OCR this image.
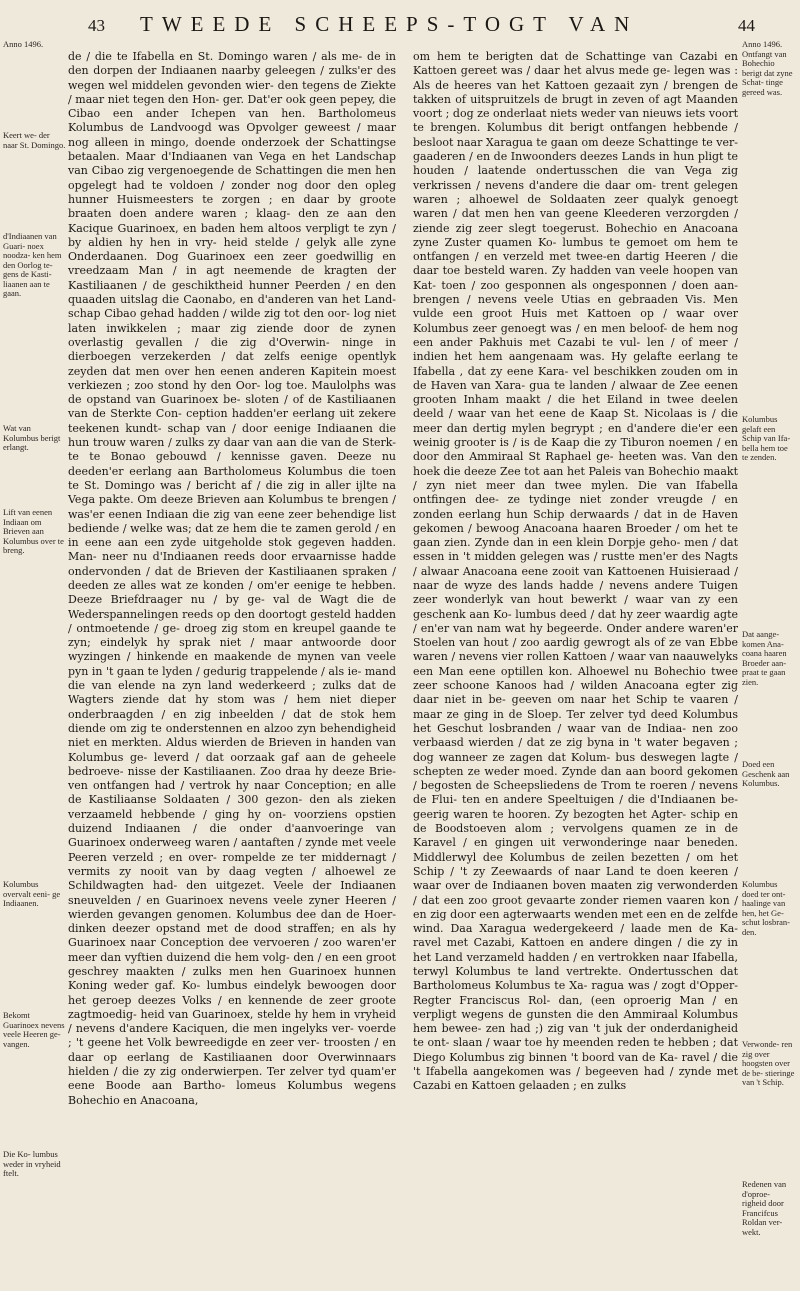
43 TWEEDE SCHEEPS-TOGT VAN	44
Anno 1496.
Keert we- der naar St. Domingo.
d'Indiaanen van Guari- noex noodza- ken hem den Oorlog te- gens de Kasti- liaanen aan te gaan.
Wat van Kolumbus berigt erlangt.
Lift van eenen Indiaan om Brieven aan Kolumbus over te breng.
Kolumbus overvalt eeni- ge Indiaanen.
Bekomt Guarinoex nevens veele Heeren ge- vangen.
Die Ko- lumbus weder in vryheid ftelt.
Anno 1496. Ontfangt van Bohechio berigt dat zyne Schat- tinge gereed was.
Kolumbus gelaft een Schip van Ifa- bella hem toe te zenden.
Dat aange- komen Ana- coana haaren Broeder aan- praat te gaan zien.
Doed een Geschenk aan Kolumbus.
Kolumbus doed ter ont- haalinge van hen, het Ge- schut losbran- den.
Verwonde- ren zig over hoogsten over de be- stieringe van 't Schip.
Redenen van d'oproe- righeid door Francifcus Roldan ver- wekt.

de / die te Ifabella en St. Domingo waren / als me- de in den dorpen der Indiaanen naarby geleegen / zulks'er des wegen wel middelen gevonden wier- den tegens de Ziekte / maar niet tegen den Hon- ger. Dat'er ook geen pepey, die Cibao een ander Ichepen van hen. Bartholomeus Kolumbus de Landvoogd was Opvolger geweest / maar nog alleen in mingo, doende onderzoek der Schattingse betaalen. Maar d'Indiaanen van Vega en het Landschap van Cibao zig vergenoegende de Schattingen die men hen opgelegt had te voldoen / zonder nog door den opleg hunner Huismeesters te zorgen ; en daar by groote braaten doen andere waren ; klaag- den ze aan den Kacique Guarinoex, en baden hem altoos verpligt te zyn / by aldien hy hen in vry- heid stelde / gelyk alle zyne Onderdaanen. Dog Guarinoex een zeer goedwillig en vreedzaam Man / in agt neemende de kragten der Kastiliaanen / de geschiktheid hunner Peerden / en den quaaden uitslag die Caonabo, en d'anderen van het Land- schap Cibao gehad hadden / wilde zig tot den oor- log niet laten inwikkelen ; maar zig ziende door de zynen overlastig gevallen / die zig d'Overwin- ninge in dierboegen verzekerden / dat zelfs eenige opentlyk zeyden dat men over hen eenen anderen Kapitein moest verkiezen ; zoo stond hy den Oor- log toe. Maulolphs was de opstand van Guarinoex be- sloten / of de Kastiliaanen van de Sterkte Con- ception hadden'er eerlang uit zekere teekenen kundt- schap van / door eenige Indiaanen die hun trouw waren / zulks zy daar van aan die van de Sterk- te te Bonao gebouwd / kennisse gaven. Deeze nu deeden'er eerlang aan Bartholomeus Kolumbus die toen te St. Domingo was / bericht af / die zig in aller ijlte na Vega pakte. Om deeze Brieven aan Kolumbus te brengen / was'er eenen Indiaan die zig van eene zeer behendige list bediende / welke was; dat ze hem die te zamen gerold / en in eene aan een zyde uitgeholde stok gegeven hadden. Man- neer nu d'Indiaanen reeds door ervaarnisse hadde ondervonden / dat de Brieven der Kastiliaanen spraken / deeden ze alles wat ze konden / om'er eenige te hebben. Deeze Briefdraager nu / by ge- val de Wagt die de Wederspannelingen reeds op den doortogt gesteld hadden / ontmoetende / ge- droeg zig stom en kreupel gaande te zyn; eindelyk hy sprak niet / maar antwoorde door wyzingen / hinkende en maakende de mynen van veele pyn in 't gaan te lyden / gedurig trappelende / als ie- mand die van elende na zyn land wederkeerd ; zulks dat de Wagters ziende dat hy stom was / hem niet dieper onderbraagden / en zig inbeelden / dat de stok hem diende om zig te onderstennen en alzoo zyn behendigheid niet en merkten. Aldus wierden de Brieven in handen van Kolumbus ge- leverd / dat oorzaak gaf aan de geheele bedroeve- nisse der Kastiliaanen. Zoo draa hy deeze Brie- ven ontfangen had / vertrok hy naar Conception; en alle de Kastiliaanse Soldaaten / 300 gezon- den als zieken verzaameld hebbende / ging hy on- voorziens opstien duizend Indiaanen / die onder d'aanvoeringe van Guarinoex onderweeg waren / aantaften / zynde met veele Peeren verzeld ; en over- rompelde ze ter middernagt / vermits zy nooit van by daag vegten / alhoewel ze Schildwagten had- den uitgezet. Veele der Indiaanen sneuvelden / en Guarinoex nevens veele zyner Heeren / wierden gevangen genomen. Kolumbus dee dan de Hoer- dinken deezer opstand met de dood straffen; en als hy Guarinoex naar Conception dee vervoeren / zoo waren'er meer dan vyftien duizend die hem volg- den / en een groot geschrey maakten / zulks men hen Guarinoex hunnen Koning weder gaf. Ko- lumbus eindelyk bewoogen door het geroep deezes Volks / en kennende de zeer groote zagtmoedig- heid van Guarinoex, stelde hy hem in vryheid / nevens d'andere Kaciquen, die men ingelyks ver- voerde ; 't geene het Volk bewreedigde en zeer ver- troosten / en daar op eerlang de Kastiliaanen door Overwinnaars hielden / die zy zig onderwierpen. Ter zelver tyd quam'er eene Boode aan Bartho- lomeus Kolumbus wegens Bohechio en Anacoana,

om hem te berigten dat de Schattinge van Cazabi en Kattoen gereet was / daar het alvus mede ge- legen was : Als de heeres van het Kattoen gezaait zyn / brengen de takken of uitspruitzels de brugt in zeven of agt Maanden voort ; dog ze onderlaat niets weder van nieuws iets voort te brengen. Kolumbus dit berigt ontfangen hebbende / besloot naar Xaragua te gaan om deeze Schattinge te ver- gaaderen / en de Inwoonders deezes Lands in hun pligt te houden / laatende ondertusschen die van Vega zig verkrissen / nevens d'andere die daar om- trent gelegen waren ; alhoewel de Soldaaten zeer qualyk genoegt waren / dat men hen van geene Kleederen verzorgden / ziende zig zeer slegt toegerust. Bohechio en Anacoana zyne Zuster quamen Ko- lumbus te gemoet om hem te ontfangen / en verzeld met twee-en dartig Heeren / die daar toe besteld waren. Zy hadden van veele hoopen van Kat- toen / zoo gesponnen als ongesponnen / doen aan- brengen / nevens veele Utias en gebraaden Vis. Men vulde een groot Huis met Kattoen op / waar over Kolumbus zeer genoegt was / en men beloof- de hem nog een ander Pakhuis met Cazabi te vul- len / of meer / indien het hem aangenaam was. Hy gelafte eerlang te Ifabella , dat zy eene Kara- vel beschikken zouden om in de Haven van Xara- gua te landen / alwaar de Zee eenen grooten Inham maakt / die het Eiland in twee deelen deeld / waar van het eene de Kaap St. Nicolaas is / die meer dan dertig mylen begrypt ; en d'andere die'er een weinig grooter is / is de Kaap die zy Tiburon noemen / en door den Ammiraal St Raphael ge- heeten was. Van den hoek die deeze Zee tot aan het Paleis van Bohechio maakt / zyn niet meer dan twee mylen. Die van Ifabella ontfingen dee- ze tydinge niet zonder vreugde / en zonden eerlang hun Schip derwaards / dat in de Haven gekomen / bewoog Anacoana haaren Broeder / om het te gaan zien. Zynde dan in een klein Dorpje geho- men / dat essen in 't midden gelegen was / rustte men'er des Nagts / alwaar Anacoana eene zooit van Kattoenen Huisieraad / naar de wyze des lands hadde / nevens andere Tuigen zeer wonderlyk van hout bewerkt / waar van zy een geschenk aan Ko- lumbus deed / dat hy zeer waardig agte / en'er van nam wat hy begeerde. Onder andere waren'er Stoelen van hout / zoo aardig gewrogt als of ze van Ebbe waren / nevens vier rollen Kattoen / waar van naauwelyks een Man eene optillen kon. Alhoewel nu Bohechio twee zeer schoone Kanoos had / wilden Anacoana egter zig daar niet in be- geeven om naar het Schip te vaaren / maar ze ging in de Sloep. Ter zelver tyd deed Kolumbus het Geschut losbranden / waar van de Indiaa- nen zoo verbaasd wierden / dat ze zig byna in 't water begaven ; dog wanneer ze zagen dat Kolum- bus deswegen lagte / schepten ze weder moed. Zynde dan aan boord gekomen / begosten de Scheepsliedens de Trom te roeren / nevens de Flui- ten en andere Speeltuigen / die d'Indiaanen be- geerig waren te hooren. Zy bezogten het Agter- schip en de Boodstoeven alom ; vervolgens quamen ze in de Karavel / en gingen uit verwonderinge naar beneden. Middlerwyl dee Kolumbus de zeilen bezetten / om het Schip / 't zy Zeewaards of naar Land te doen keeren / waar over de Indiaanen boven maaten zig verwonderden / dat een zoo groot gevaarte zonder riemen vaaren kon / en zig door een agterwaarts wenden met een en de zelfde wind. Daa Xaragua wedergekeerd / laade men de Ka- ravel met Cazabi, Kattoen en andere dingen / die zy in het Land verzameld hadden / en vertrokken naar Ifabella, terwyl Kolumbus te land vertrekte. Ondertusschen dat Bartholomeus Kolumbus te Xa- ragua was / zogt d'Opper-Regter Franciscus Rol- dan, (een oproerig Man / en verpligt wegens de gunsten die den Ammiraal Kolumbus hem bewee- zen had ;) zig van 't juk der onderdanigheid te ont- slaan / waar toe hy meenden reden te hebben ; dat Diego Kolumbus zig binnen 't boord van de Ka- ravel / die 't Ifabella aangekomen was / begeeven had / zynde met Cazabi en Kattoen gelaaden ; en zulks
